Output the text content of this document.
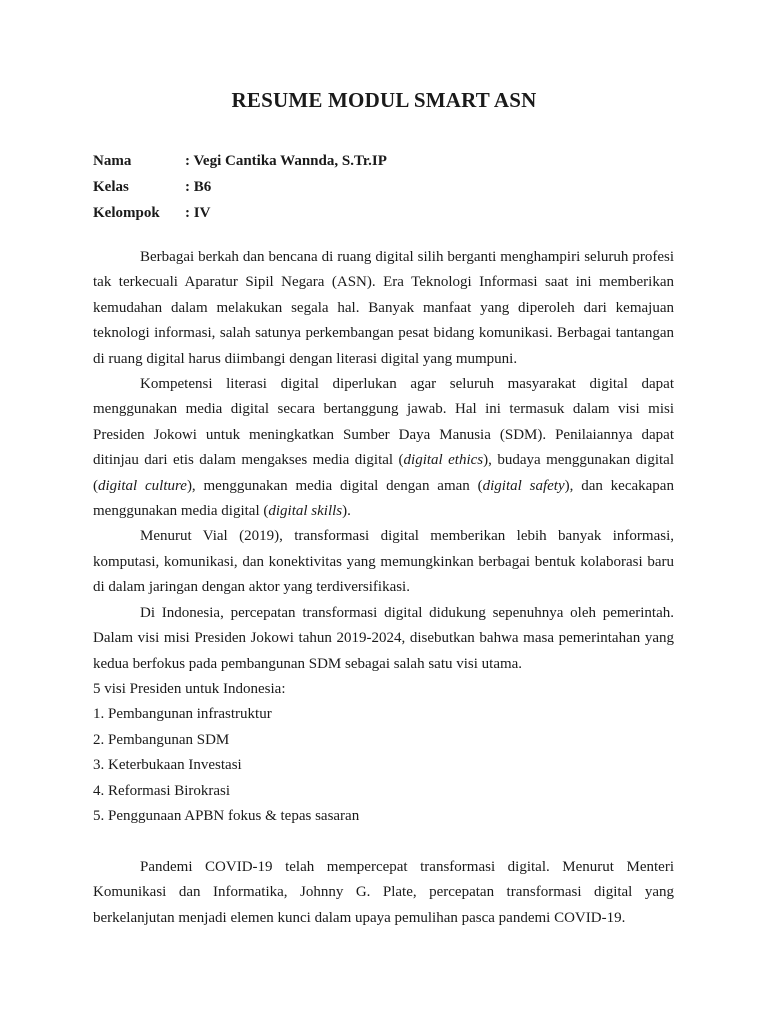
RESUME MODUL SMART ASN
Nama	: Vegi Cantika Wannda, S.Tr.IP
Kelas	: B6
Kelompok : IV

Berbagai berkah dan bencana di ruang digital silih berganti menghampiri seluruh profesi tak terkecuali Aparatur Sipil Negara (ASN). Era Teknologi Informasi saat ini memberikan kemudahan dalam melakukan segala hal. Banyak manfaat yang diperoleh dari kemajuan teknologi informasi, salah satunya perkembangan pesat bidang komunikasi. Berbagai tantangan di ruang digital harus diimbangi dengan literasi digital yang mumpuni.

Kompetensi literasi digital diperlukan agar seluruh masyarakat digital dapat menggunakan media digital secara bertanggung jawab. Hal ini termasuk dalam visi misi Presiden Jokowi untuk meningkatkan Sumber Daya Manusia (SDM). Penilaiannya dapat ditinjau dari etis dalam mengakses media digital (digital ethics), budaya menggunakan digital (digital culture), menggunakan media digital dengan aman (digital safety), dan kecakapan menggunakan media digital (digital skills).

Menurut Vial (2019), transformasi digital memberikan lebih banyak informasi, komputasi, komunikasi, dan konektivitas yang memungkinkan berbagai bentuk kolaborasi baru di dalam jaringan dengan aktor yang terdiversifikasi.

Di Indonesia, percepatan transformasi digital didukung sepenuhnya oleh pemerintah. Dalam visi misi Presiden Jokowi tahun 2019-2024, disebutkan bahwa masa pemerintahan yang kedua berfokus pada pembangunan SDM sebagai salah satu visi utama.

5 visi Presiden untuk Indonesia:

1. Pembangunan infrastruktur

2. Pembangunan SDM

3. Keterbukaan Investasi

4. Reformasi Birokrasi

5. Penggunaan APBN fokus & tepas sasaran

Pandemi COVID-19 telah mempercepat transformasi digital. Menurut Menteri Komunikasi dan Informatika, Johnny G. Plate, percepatan transformasi digital yang berkelanjutan menjadi elemen kunci dalam upaya pemulihan pasca pandemi COVID-19.
